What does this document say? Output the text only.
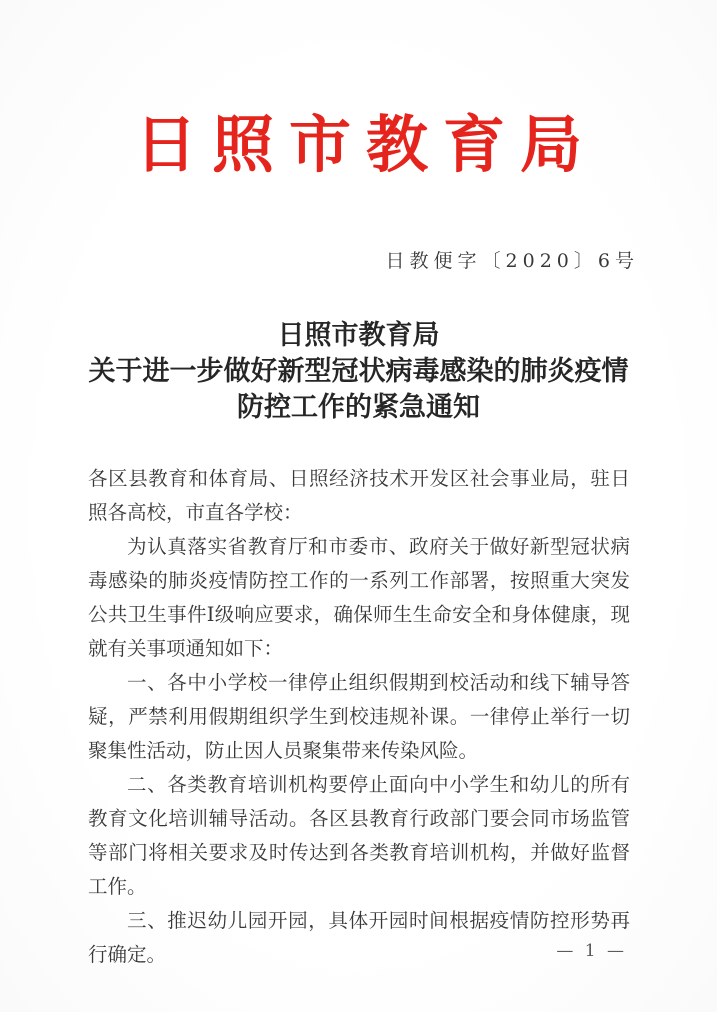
日照市教育局
日教便字〔2020〕6号
日照市教育局
关于进一步做好新型冠状病毒感染的肺炎疫情
防控工作的紧急通知

各区县教育和体育局、日照经济技术开发区社会事业局，驻日照各高校，市直各学校：

为认真落实省教育厅和市委市、政府关于做好新型冠状病毒感染的肺炎疫情防控工作的一系列工作部署，按照重大突发公共卫生事件Ⅰ级响应要求，确保师生生命安全和身体健康，现就有关事项通知如下：

一、各中小学校一律停止组织假期到校活动和线下辅导答疑，严禁利用假期组织学生到校违规补课。一律停止举行一切聚集性活动，防止因人员聚集带来传染风险。

二、各类教育培训机构要停止面向中小学生和幼儿的所有教育文化培训辅导活动。各区县教育行政部门要会同市场监管等部门将相关要求及时传达到各类教育培训机构，并做好监督工作。

三、推迟幼儿园开园，具体开园时间根据疫情防控形势再行确定。	— 1 —
